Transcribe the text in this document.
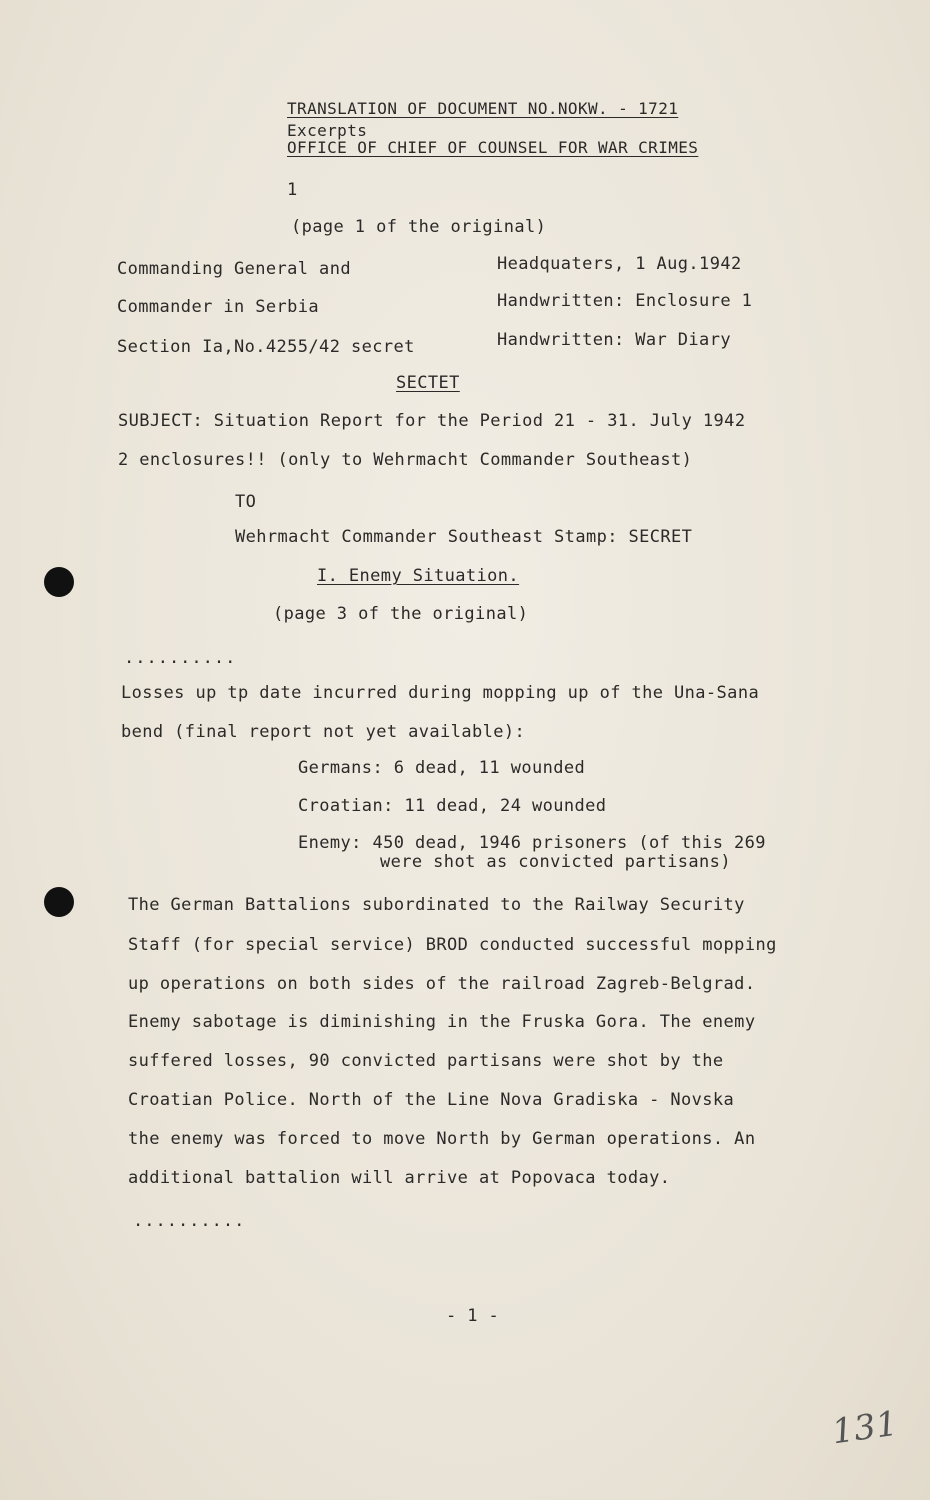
TRANSLATION OF DOCUMENT NO.NOKW. - 1721
Excerpts
OFFICE OF CHIEF OF COUNSEL FOR WAR CRIMES
1
(page 1 of the original)
Commanding General and
Commander in Serbia
Section Ia,No.4255/42 secret
Headquaters, 1 Aug.1942
Handwritten: Enclosure 1
Handwritten: War Diary
SECTET
SUBJECT: Situation Report for the Period 21 - 31. July 1942
2 enclosures!! (only to Wehrmacht Commander Southeast)
TO
Wehrmacht Commander Southeast Stamp: SECRET
I. Enemy Situation.
(page 3 of the original)
..........
Losses up tp date incurred during mopping up of the Una-Sana
bend (final report not yet available):
Germans: 6 dead, 11 wounded
Croatian: 11 dead, 24 wounded
Enemy: 450 dead, 1946 prisoners (of this 269
were shot as convicted partisans)
The German Battalions subordinated to the Railway Security
Staff (for special service) BROD conducted successful mopping
up operations on both sides of the railroad Zagreb-Belgrad.
Enemy sabotage is diminishing in the Fruska Gora. The enemy
suffered losses, 90 convicted partisans were shot by the
Croatian Police. North of the Line Nova Gradiska - Novska
the enemy was forced to move North by German operations. An
additional battalion will arrive at Popovaca today.
..........
- 1 -
131
